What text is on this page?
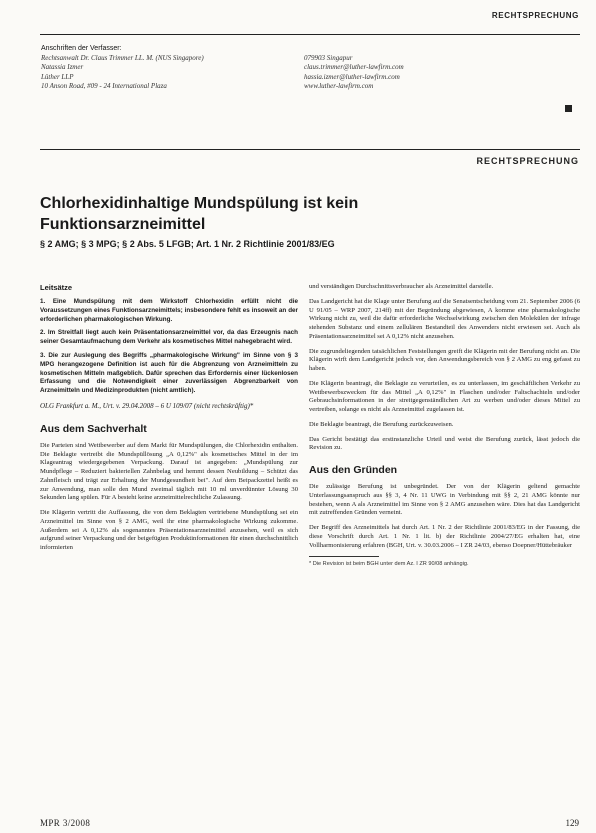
RECHTSPRECHUNG
Anschriften der Verfasser:
Rechtsanwalt Dr. Claus Trimmer LL. M. (NUS Singapore)
Natassia Izmer
Lüther LLP
10 Anson Road, #09 - 24 International Plaza
079903 Singapur
claus.trimmer@luther-lawfirm.com
hassia.izmer@luther-lawfirm.com
www.luther-lawfirm.com
RECHTSPRECHUNG
Chlorhexidinhaltige Mundspülung ist kein Funktionsarzneimittel
§ 2 AMG; § 3 MPG; § 2 Abs. 5 LFGB; Art. 1 Nr. 2 Richtlinie 2001/83/EG
Leitsätze

1. Eine Mundspülung mit dem Wirkstoff Chlorhexidin erfüllt nicht die Voraussetzungen eines Funktionsarzneimittels; insbesondere fehlt es insoweit an der erforderlichen pharmakologischen Wirkung.

2. Im Streitfall liegt auch kein Präsentationsarzneimittel vor, da das Erzeugnis nach seiner Gesamtaufmachung dem Verkehr als kosmetisches Mittel nahegebracht wird.

3. Die zur Auslegung des Begriffs „pharmakologische Wirkung" im Sinne von § 3 MPG herangezogene Definition ist auch für die Abgrenzung von Arzneimitteln zu kosmetischen Mitteln maßgeblich. Dafür sprechen das Erfordernis einer lückenlosen Erfassung und die Notwendigkeit einer zuverlässigen Abgrenzbarkeit von Arzneimitteln und Medizinprodukten (nicht amtlich).

OLG Frankfurt a. M., Urt. v. 29.04.2008 – 6 U 109/07 (nicht rechtskräftig)*

Aus dem Sachverhalt

Die Parteien sind Wettbewerber auf dem Markt für Mundspülungen, die Chlorhexidin enthalten. Die Beklagte vertreibt die Mundspüllösung „A 0,12%" als kosmetisches Mittel in der im Klageantrag wiedergegebenen Verpackung. Darauf ist angegeben: „Mundspülung zur Mundpflege – Reduziert bakteriellen Zahnbelag und hemmt dessen Neubildung – Schützt das Zahnfleisch und trägt zur Erhaltung der Mundgesundheit bei". Auf dem Beipackzettel heißt es zur Anwendung, man solle den Mund zweimal täglich mit 10 ml unverdünnter Lösung 30 Sekunden lang spülen. Für A besteht keine arzneimittelrechtliche Zulassung.

Die Klägerin vertritt die Auffassung, die von dem Beklagten vertriebene Mundspülung sei ein Arzneimittel im Sinne von § 2 AMG, weil ihr eine pharmakologische Wirkung zukomme. Außerdem sei A 0,12% als sogenanntes Präsentationsarzneimittel anzusehen, weil es sich aufgrund seiner Verpackung und der beigefügten Produktinformationen für einen durchschnittlich informierten

und verständigen Durchschnittsverbraucher als Arzneimittel darstelle.

Das Landgericht hat die Klage unter Berufung auf die Senatsentscheidung vom 21. September 2006 (6 U 91/05 – WRP 2007, 214ff) mit der Begründung abgewiesen, A komme eine pharmakologische Wirkung nicht zu, weil die dafür erforderliche Wechselwirkung zwischen den Molekülen der infrage stehenden Substanz und einem zellulären Bestandteil des Anwenders nicht erwiesen sei. Auch als Präsentationsarzneimittel sei A 0,12% nicht anzusehen.

Die zugrundeliegenden tatsächlichen Feststellungen greift die Klägerin mit der Berufung nicht an. Die Klägerin wirft dem Landgericht jedoch vor, den Anwendungsbereich von § 2 AMG zu eng gefasst zu haben.

Die Klägerin beantragt, die Beklagte zu verurteilen, es zu unterlassen, im geschäftlichen Verkehr zu Wettbewerbszwecken für das Mittel „A 0,12%" in Flaschen und/oder Faltschachteln und/oder Gebrauchsinformationen in der streitgegenständlichen Art zu werben und/oder dieses Mittel zu vertreiben, solange es nicht als Arzneimittel zugelassen ist.

Die Beklagte beantragt, die Berufung zurückzuweisen.

Das Gericht bestätigt das erstinstanzliche Urteil und weist die Berufung zurück, lässt jedoch die Revision zu.

Aus den Gründen

Die zulässige Berufung ist unbegründet. Der von der Klägerin geltend gemachte Unterlassungsanspruch aus §§ 3, 4 Nr. 11 UWG in Verbindung mit §§ 2, 21 AMG könnte nur bestehen, wenn A als Arzneimittel im Sinne von § 2 AMG anzusehen wäre. Dies hat das Landgericht mit zutreffenden Gründen verneint.

Der Begriff des Arzneimittels hat durch Art. 1 Nr. 2 der Richtlinie 2001/83/EG in der Fassung, die diese Vorschrift durch Art. 1 Nr. 1 lit. b) der Richtlinie 2004/27/EG erhalten hat, eine Vollharmonisierung erfahren (BGH, Urt. v. 30.03.2006 – I ZR 24/03, ebenso Doepner/Hüttebräuker

* Die Revision ist beim BGH unter dem Az. I ZR 90/08 anhängig.
MPR 3/2008	129
